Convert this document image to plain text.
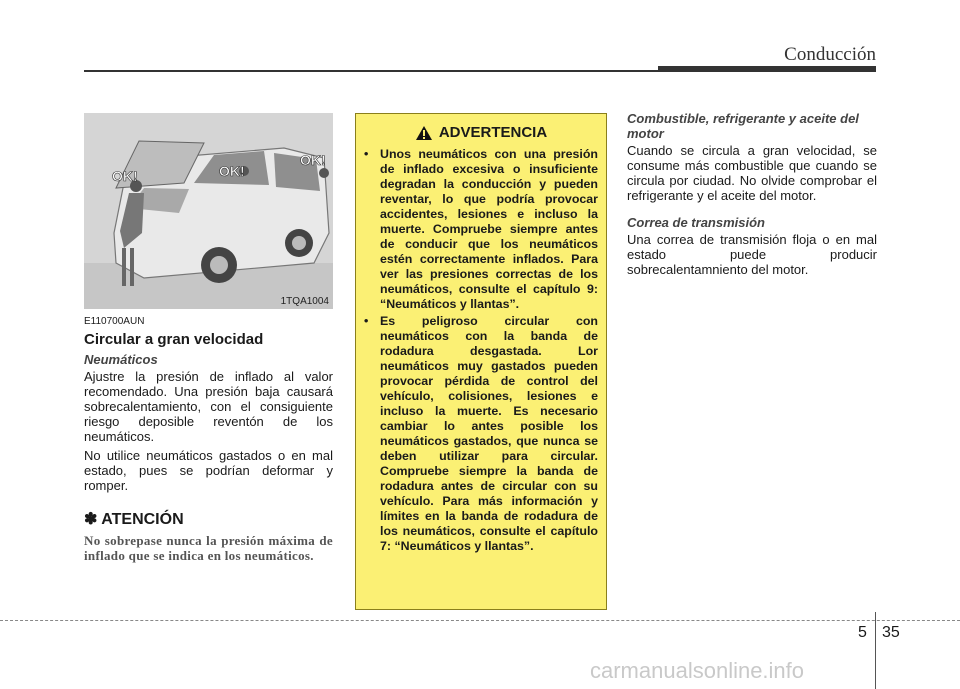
Conducción
OK!	OK!
OK!
1TQA1004
E110700AUN
Circular a gran velocidad
Neumáticos

Ajustre la presión de inflado al valor recomendado. Una presión baja causará sobrecalentamiento, con el consiguiente riesgo deposible reventón de los neumáticos.

No utilice neumáticos gastados o en mal estado, pues se podrían deformar y romper.

✽ ATENCIÓN
No sobrepase nunca la presión máxima de inflado que se indica en los neumáticos.
ADVERTENCIA
• Unos neumáticos con una presión de inflado excesiva o insuficiente degradan la conducción y pueden reventar, lo que podría provocar accidentes, lesiones e incluso la muerte. Compruebe siempre antes de conducir que los neumáticos estén correctamente inflados. Para ver las presiones correctas de los neumáticos, consulte el capítulo 9: “Neumáticos y llantas”.
• Es peligroso circular con neumáticos con la banda de rodadura desgastada. Lor neumáticos muy gastados pueden provocar pérdida de control del vehículo, colisiones, lesiones e incluso la muerte. Es necesario cambiar lo antes posible los neumáticos gastados, que nunca se deben utilizar para circular. Compruebe siempre la banda de rodadura antes de circular con su vehículo. Para más información y límites en la banda de rodadura de los neumáticos, consulte el capítulo 7: “Neumáticos y llantas”.
Combustible, refrigerante y aceite del motor

Cuando se circula a gran velocidad, se consume más combustible que cuando se circula por ciudad. No olvide comprobar el refrigerante y el aceite del motor.

Correa de transmisión

Una correa de transmisión floja o en mal estado puede producir sobrecalentamniento del motor.

5 35
carmanualsonline.info
